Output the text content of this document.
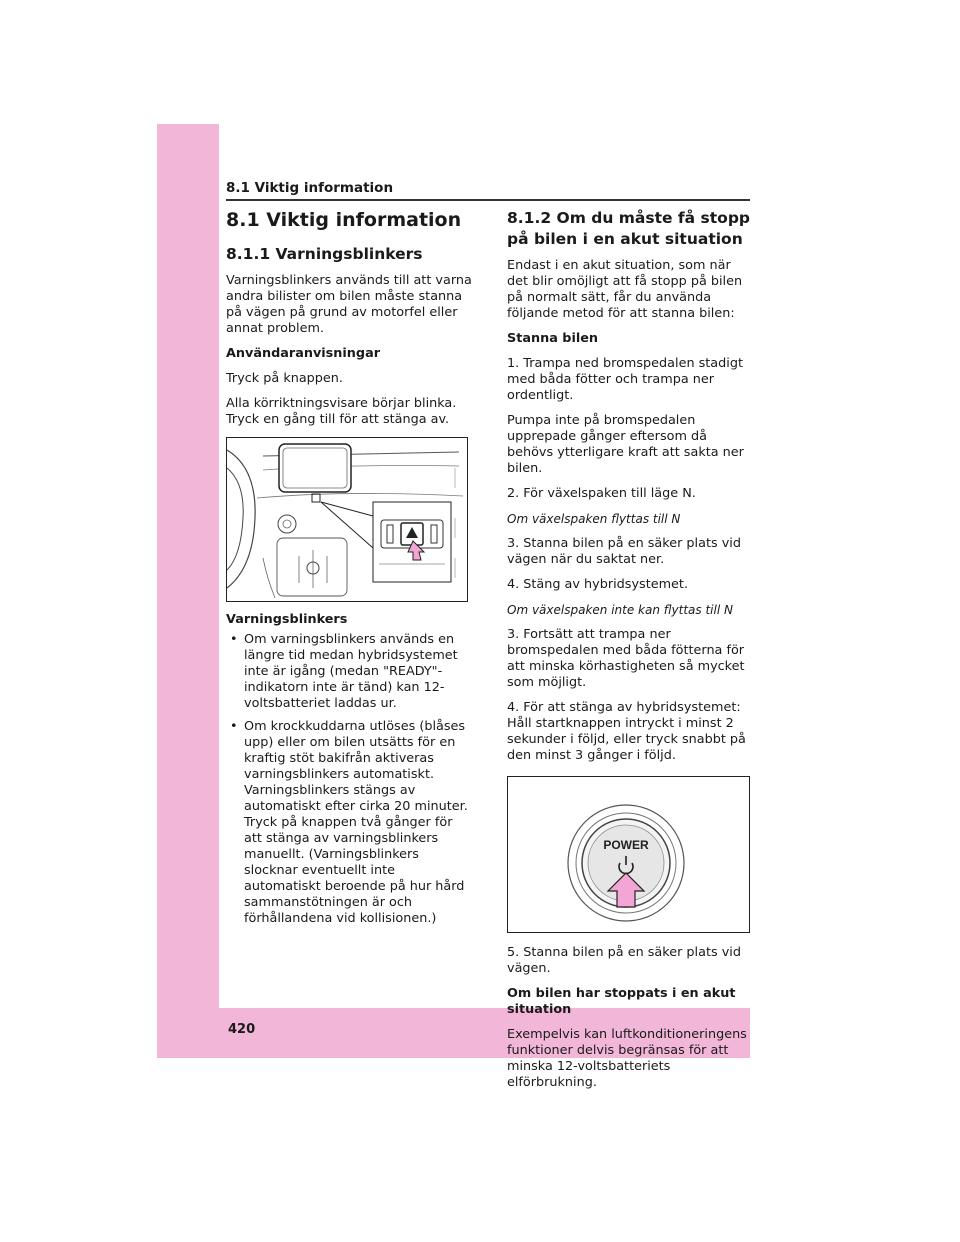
420
8.1 Viktig information
8.1 Viktig information
8.1.1 Varningsblinkers

Varningsblinkers används till att varna andra bilister om bilen måste stanna på vägen på grund av motorfel eller annat problem.

Användaranvisningar

Tryck på knappen.

Alla körriktningsvisare börjar blinka. Tryck en gång till för att stänga av.

Varningsblinkers

• Om varningsblinkers används en längre tid medan hybridsystemet inte är igång (medan "READY"-indikatorn inte är tänd) kan 12-voltsbatteriet laddas ur.
• Om krockkuddarna utlöses (blåses upp) eller om bilen utsätts för en kraftig stöt bakifrån aktiveras varningsblinkers automatiskt. Varningsblinkers stängs av automatiskt efter cirka 20 minuter. Tryck på knappen två gånger för att stänga av varningsblinkers manuellt. (Varningsblinkers slocknar eventuellt inte automatiskt beroende på hur hård sammanstötningen är och förhållandena vid kollisionen.)
8.1.2 Om du måste få stopp på bilen i en akut situation

Endast i en akut situation, som när det blir omöjligt att få stopp på bilen på normalt sätt, får du använda följande metod för att stanna bilen:

Stanna bilen

1. Trampa ned bromspedalen stadigt med båda fötter och trampa ner ordentligt.

Pumpa inte på bromspedalen upprepade gånger eftersom då behövs ytterligare kraft att sakta ner bilen.

2. För växelspaken till läge N.

Om växelspaken flyttas till N

3. Stanna bilen på en säker plats vid vägen när du saktat ner.

4. Stäng av hybridsystemet.

Om växelspaken inte kan flyttas till N

3. Fortsätt att trampa ner bromspedalen med båda fötterna för att minska körhastigheten så mycket som möjligt.

4. För att stänga av hybridsystemet: Håll startknappen intryckt i minst 2 sekunder i följd, eller tryck snabbt på den minst 3 gånger i följd.

POWER

5. Stanna bilen på en säker plats vid vägen.

Om bilen har stoppats i en akut situation

Exempelvis kan luftkonditioneringens funktioner delvis begränsas för att minska 12-voltsbatteriets elförbrukning.
